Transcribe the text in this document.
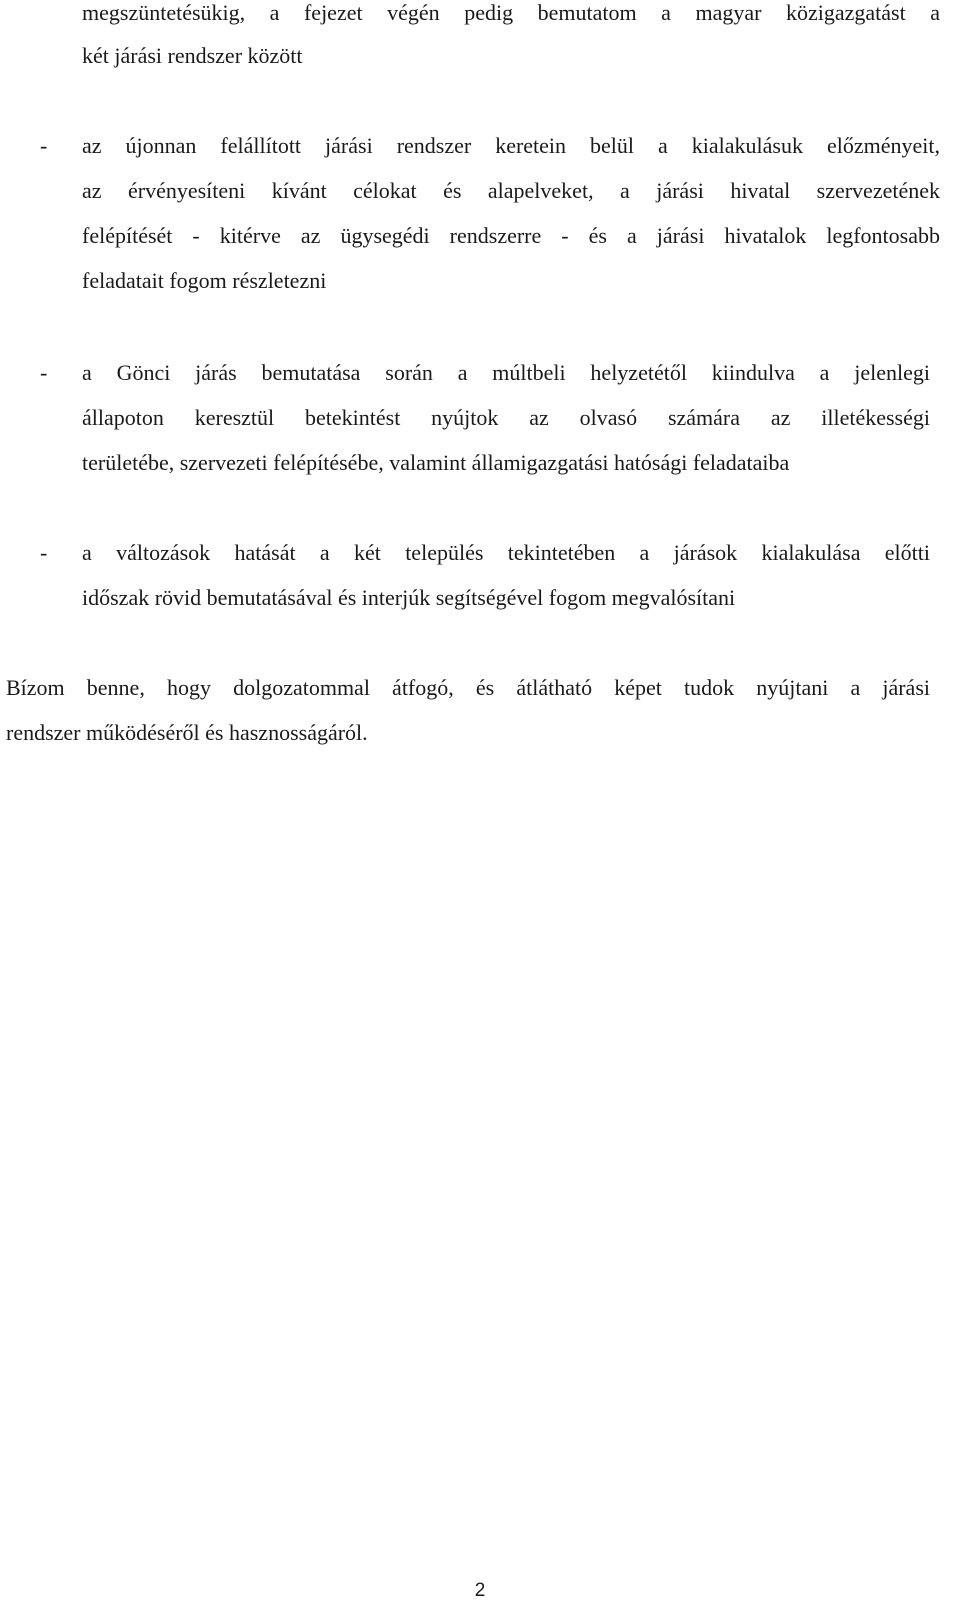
megszüntetésükig, a fejezet végén pedig bemutatom a magyar közigazgatást a
két járási rendszer között
- az újonnan felállított járási rendszer keretein belül a kialakulásuk előzményeit,
az érvényesíteni kívánt célokat és alapelveket, a járási hivatal szervezetének
felépítését - kitérve az ügysegédi rendszerre - és a járási hivatalok legfontosabb
feladatait fogom részletezni
- a Gönci járás bemutatása során a múltbeli helyzetétől kiindulva a jelenlegi
állapoton keresztül betekintést nyújtok az olvasó számára az illetékességi
területébe, szervezeti felépítésébe, valamint államigazgatási hatósági feladataiba
- a változások hatását a két település tekintetében a járások kialakulása előtti
időszak rövid bemutatásával és interjúk segítségével fogom megvalósítani
Bízom benne, hogy dolgozatommal átfogó, és átlátható képet tudok nyújtani a járási
rendszer működéséről és hasznosságáról.
2
